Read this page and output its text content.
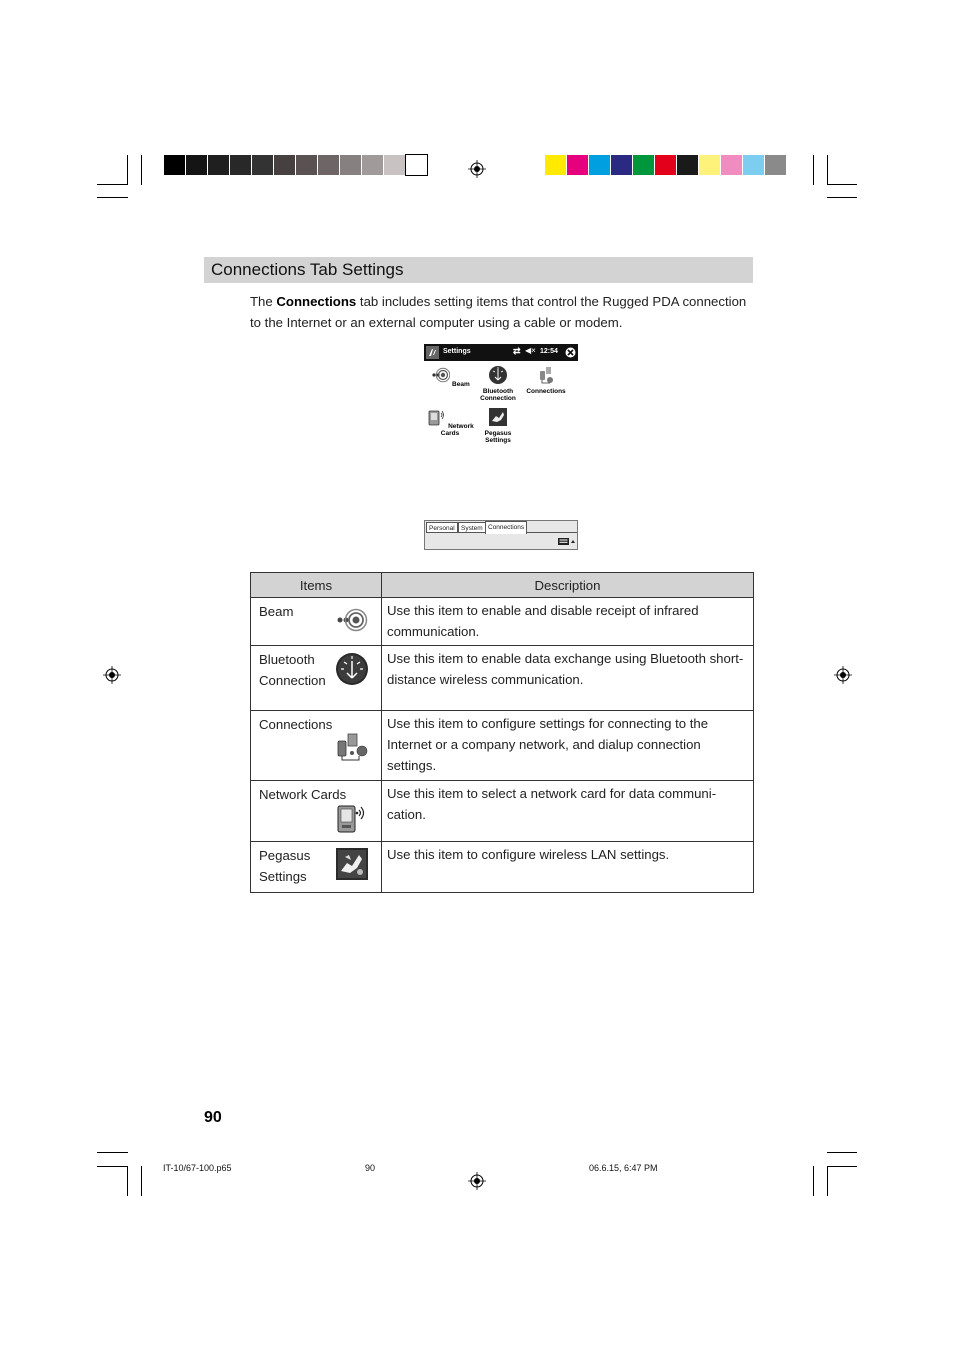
Connections Tab Settings
The Connections tab includes setting items that control the Rugged PDA connection to the Internet or an external computer using a cable or modem.
Settings	⇄ ◀× 12:54
Beam
Bluetooth Connection
Connections
Network Cards	Pegasus Settings
Personal System Connections
Items	Description

Beam	Use this item to enable and disable receipt of infrared communication.

Bluetooth Connection	Use this item to enable data exchange using Bluetooth short-distance wireless communication.

Connections	Use this item to configure settings for connecting to the Internet or a company network, and dialup connection settings.

Network Cards	Use this item to select a network card for data communi-cation.

Pegasus Settings	Use this item to configure wireless LAN settings.
90
IT-10/67-100.p65	90	06.6.15, 6:47 PM
